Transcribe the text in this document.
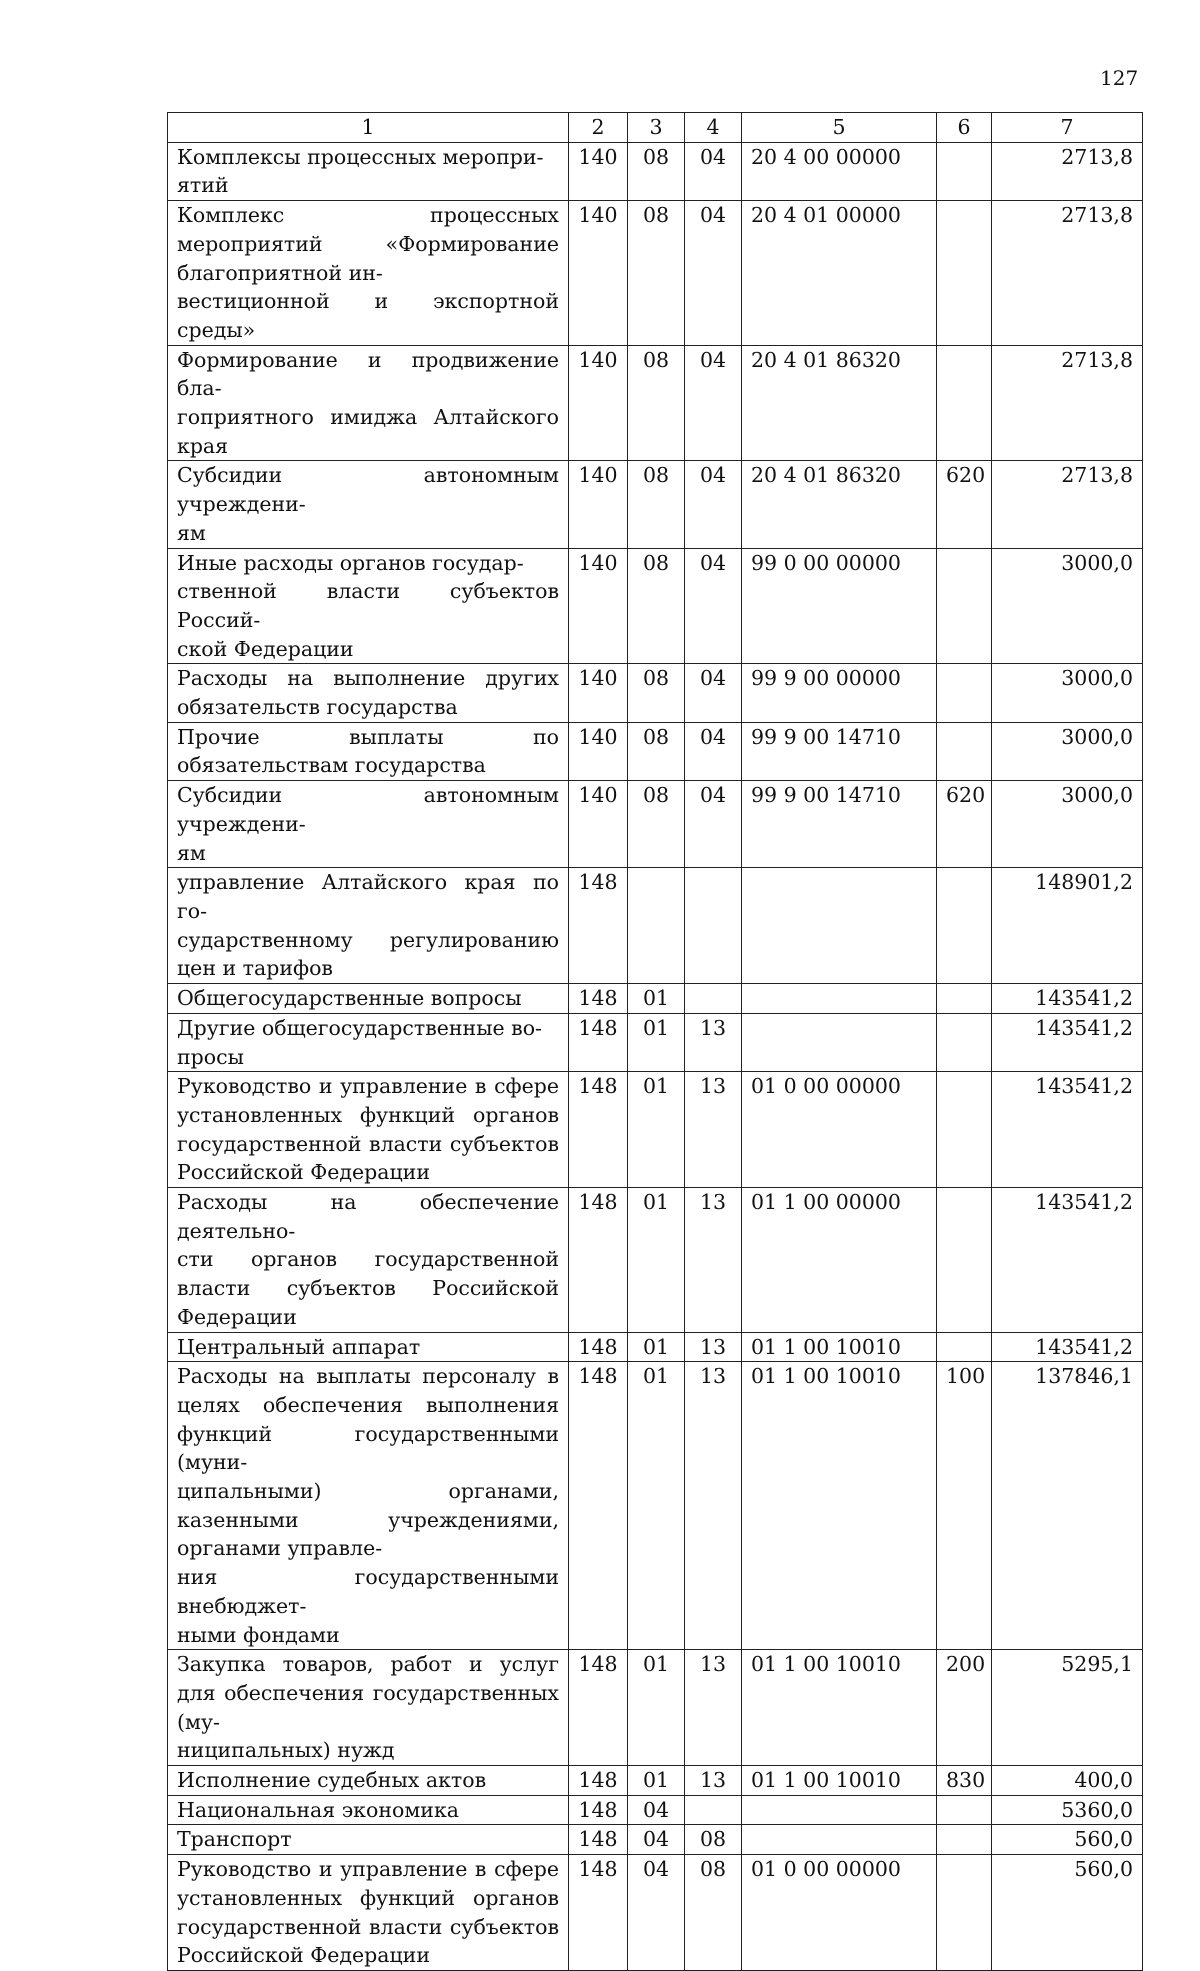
127
1	2	3	4	5	6	7
Комплексы процессных меропри-
ятий	140	08	04	20 4 00 00000		2713,8
Комплекс процессных мероприятий «Формирование благоприятной ин-
вестиционной и экспортной среды»	140	08	04	20 4 01 00000		2713,8
Формирование и продвижение бла-
гоприятного имиджа Алтайского края	140	08	04	20 4 01 86320		2713,8
Субсидии автономным учреждени-
ям	140	08	04	20 4 01 86320	620	2713,8
Иные расходы органов государ-
ственной власти субъектов Россий-
ской Федерации	140	08	04	99 0 00 00000		3000,0
Расходы на выполнение других обязательств государства	140	08	04	99 9 00 00000		3000,0
Прочие выплаты по обязательствам государства	140	08	04	99 9 00 14710		3000,0
Субсидии автономным учреждени-
ям	140	08	04	99 9 00 14710	620	3000,0
управление Алтайского края по го-
сударственному регулированию цен и тарифов	148					148901,2
Общегосударственные вопросы	148	01				143541,2
Другие общегосударственные во-
просы	148	01	13			143541,2
Руководство и управление в сфере установленных функций органов государственной власти субъектов Российской Федерации	148	01	13	01 0 00 00000		143541,2
Расходы на обеспечение деятельно-
сти органов государственной власти субъектов Российской Федерации	148	01	13	01 1 00 00000		143541,2
Центральный аппарат	148	01	13	01 1 00 10010		143541,2
Расходы на выплаты персоналу в целях обеспечения выполнения функций государственными (муни-
ципальными) органами, казенными учреждениями, органами управле-
ния государственными внебюджет-
ными фондами	148	01	13	01 1 00 10010	100	137846,1
Закупка товаров, работ и услуг для обеспечения государственных (му-
ниципальных) нужд	148	01	13	01 1 00 10010	200	5295,1
Исполнение судебных актов	148	01	13	01 1 00 10010	830	400,0
Национальная экономика	148	04				5360,0
Транспорт	148	04	08			560,0
Руководство и управление в сфере установленных функций органов государственной власти субъектов Российской Федерации	148	04	08	01 0 00 00000		560,0
